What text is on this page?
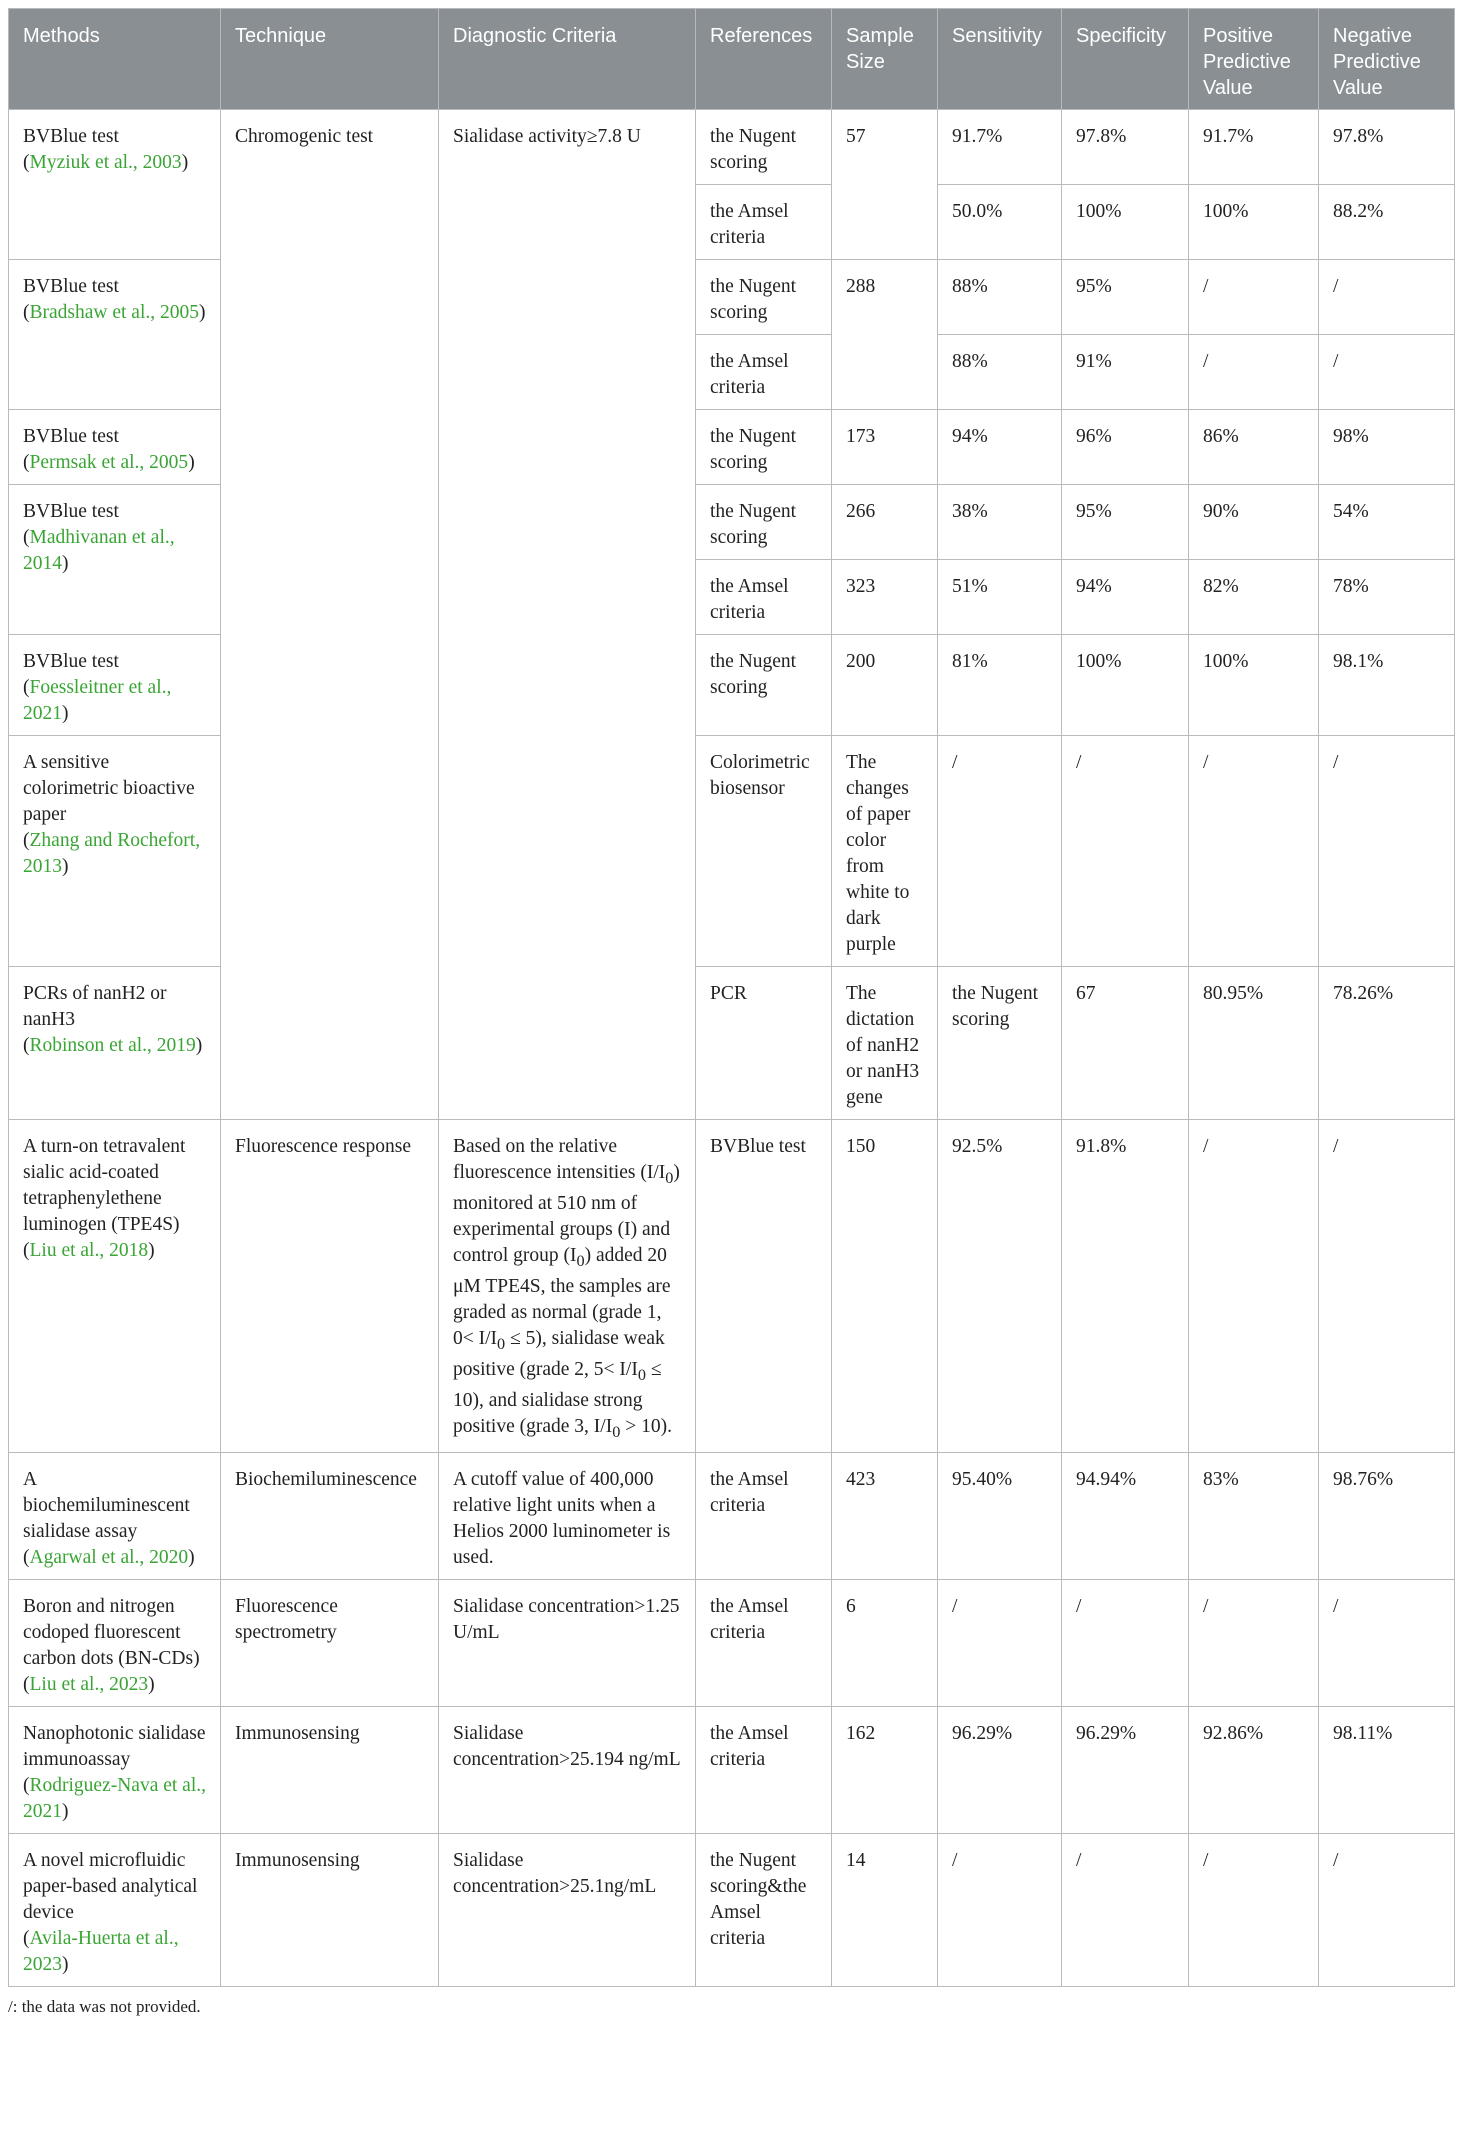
Methods	Technique	Diagnostic Criteria	References	Sample Size	Sensitivity	Specificity	Positive Predictive Value	Negative Predictive Value	
BVBlue test
(Myziuk et al., 2003)	Chromogenic test	Sialidase activity≥7.8 U	the Nugent scoring	57	91.7%	97.8%	91.7%	97.8%	
			the Amsel criteria		50.0%	100%	100%	88.2%	
BVBlue test
(Bradshaw et al., 2005)			the Nugent scoring	288	88%	95%	/	/	
			the Amsel criteria		88%	91%	/	/	
BVBlue test
(Permsak et al., 2005)			the Nugent scoring	173	94%	96%	86%	98%	
BVBlue test
(Madhivanan et al., 2014)			the Nugent scoring	266	38%	95%	90%	54%	
			the Amsel criteria	323	51%	94%	82%	78%	
BVBlue test
(Foessleitner et al., 2021)			the Nugent scoring	200	81%	100%	100%	98.1%	
A sensitive colorimetric bioactive paper
(Zhang and Rochefort, 2013)			Colorimetric biosensor	The changes of paper color from white to dark purple	/	/	/	/		
PCRs of nanH2 or nanH3
(Robinson et al., 2019)			PCR	The dictation of nanH2 or nanH3 gene	the Nugent scoring	67	80.95%	78.26%		
A turn-on tetravalent sialic acid-coated tetraphenylethene luminogen (TPE4S)
(Liu et al., 2018)	Fluorescence response	Based on the relative fluorescence intensities $(I/I_0)$ monitored at 510 nm of experimental groups (I) and control group $(I_0)$ added 20 μM TPE4S, the samples are graded as normal (grade 1, $0< I/I_0 \le 5$), sialidase weak positive (grade 2, $5< I/I_0 \le 10$), and sialidase strong positive (grade 3, $I/I_0 > 10$).	BVBlue test	150	92.5%	91.8%	/	/	
A biochemiluminescent sialidase assay
(Agarwal et al., 2020)	Biochemiluminescence	A cutoff value of 400,000 relative light units when a Helios 2000 luminometer is used.	the Amsel criteria	423	95.40%	94.94%	83%	98.76%	
Boron and nitrogen codoped fluorescent carbon dots (BN-CDs)
(Liu et al., 2023)	Fluorescence spectrometry	Sialidase concentration>1.25 U/mL	the Amsel criteria	6	/	/	/	/	
Nanophotonic sialidase immunoassay
(Rodriguez-Nava et al., 2021)	Immunosensing	Sialidase concentration>25.194 ng/mL	the Amsel criteria	162	96.29%	96.29%	92.86%	98.11%	
A novel microfluidic paper-based analytical device
(Avila-Huerta et al., 2023)	Immunosensing	Sialidase concentration>25.1ng/mL	the Nugent scoring&the Amsel criteria	14	/	/	/	/	
/: the data was not provided.
